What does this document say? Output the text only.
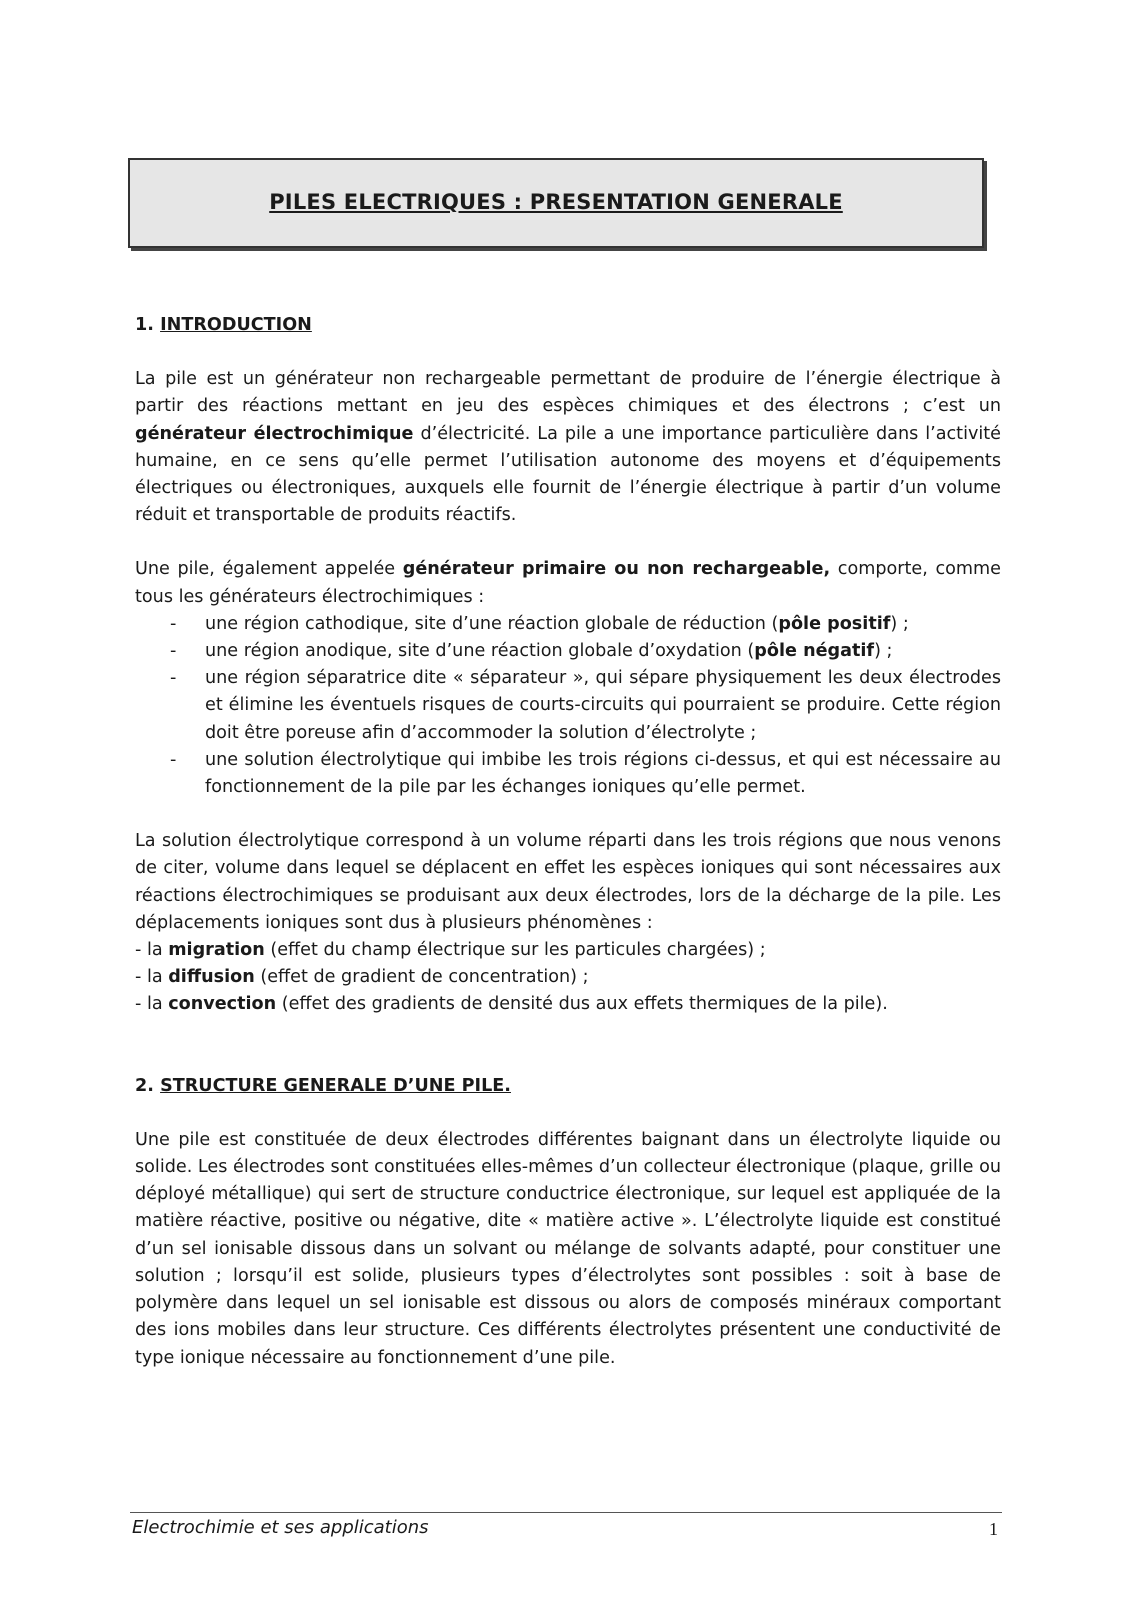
PILES ELECTRIQUES : PRESENTATION GENERALE
1. INTRODUCTION

La pile est un générateur non rechargeable permettant de produire de l’énergie électrique à partir des réactions mettant en jeu des espèces chimiques et des électrons ; c’est un générateur électrochimique d’électricité. La pile a une importance particulière dans l’activité humaine, en ce sens qu’elle permet l’utilisation autonome des moyens et d’équipements électriques ou électroniques, auxquels elle fournit de l’énergie électrique à partir d’un volume réduit et transportable de produits réactifs.

Une pile, également appelée générateur primaire ou non rechargeable, comporte, comme tous les générateurs électrochimiques :

- une région cathodique, site d’une réaction globale de réduction (pôle positif) ;
- une région anodique, site d’une réaction globale d’oxydation (pôle négatif) ;
- une région séparatrice dite « séparateur », qui sépare physiquement les deux électrodes et élimine les éventuels risques de courts-circuits qui pourraient se produire. Cette région doit être poreuse afin d’accommoder la solution d’électrolyte ;
- une solution électrolytique qui imbibe les trois régions ci-dessus, et qui est nécessaire au fonctionnement de la pile par les échanges ioniques qu’elle permet.

La solution électrolytique correspond à un volume réparti dans les trois régions que nous venons de citer, volume dans lequel se déplacent en effet les espèces ioniques qui sont nécessaires aux réactions électrochimiques se produisant aux deux électrodes, lors de la décharge de la pile. Les déplacements ioniques sont dus à plusieurs phénomènes :

- la migration (effet du champ électrique sur les particules chargées) ;
- la diffusion (effet de gradient de concentration) ;
- la convection (effet des gradients de densité dus aux effets thermiques de la pile).
2. STRUCTURE GENERALE D’UNE PILE.

Une pile est constituée de deux électrodes différentes baignant dans un électrolyte liquide ou solide. Les électrodes sont constituées elles-mêmes d’un collecteur électronique (plaque, grille ou déployé métallique) qui sert de structure conductrice électronique, sur lequel est appliquée de la matière réactive, positive ou négative, dite « matière active ». L’électrolyte liquide est constitué d’un sel ionisable dissous dans un solvant ou mélange de solvants adapté, pour constituer une solution ; lorsqu’il est solide, plusieurs types d’électrolytes sont possibles : soit à base de polymère dans lequel un sel ionisable est dissous ou alors de composés minéraux comportant des ions mobiles dans leur structure. Ces différents électrolytes présentent une conductivité de type ionique nécessaire au fonctionnement d’une pile.

Electrochimie et ses applications	1
